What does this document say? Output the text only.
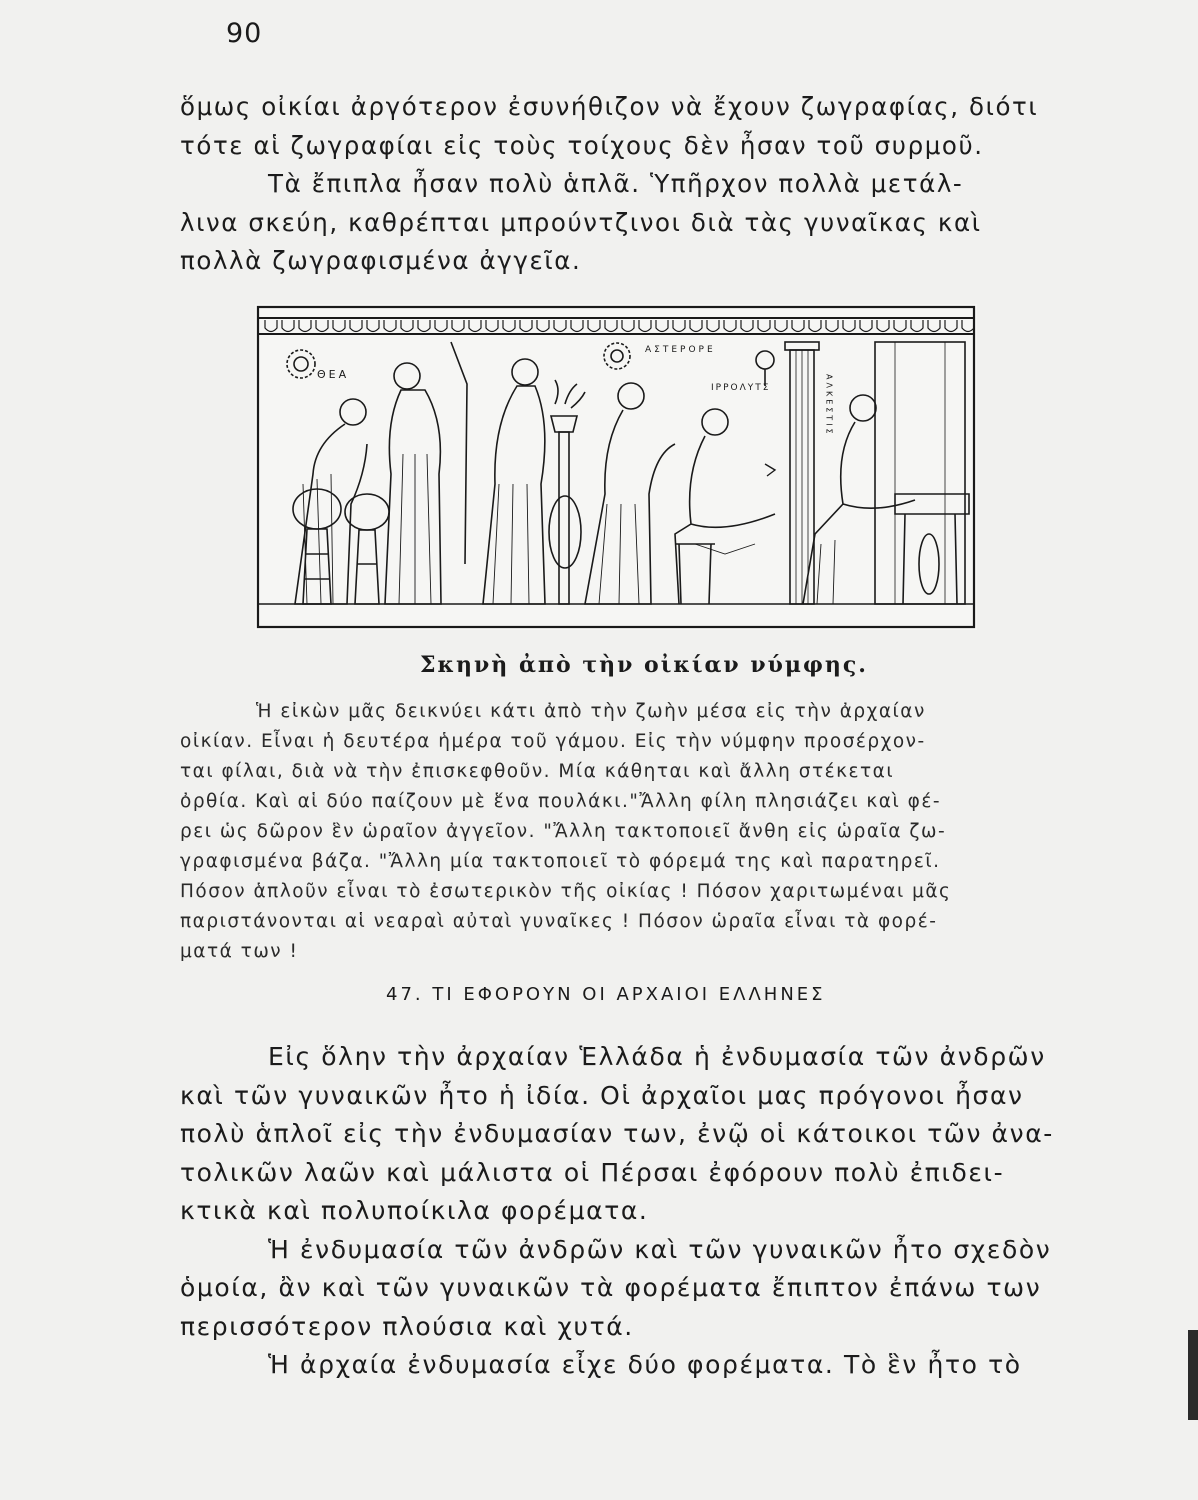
90
ὅμως οἰκίαι ἀργότερον ἐσυνήθιζον νὰ ἔχουν ζωγραφίας, διότι
τότε αἱ ζωγραφίαι εἰς τοὺς τοίχους δὲν ἦσαν τοῦ συρμοῦ.
Τὰ ἔπιπλα ἦσαν πολὺ ἁπλᾶ. Ὑπῆρχον πολλὰ μετάλ-
λινα σκεύη, καθρέπται μπρούντζινοι διὰ τὰς γυναῖκας καὶ
πολλὰ ζωγραφισμένα ἀγγεῖα.
ΘΕΑ
ΙΡΡΟΛΥΤΣ
ΑΣΤΕΡΟΡΕ
ΑΛΚΕΣΤΙΣ
Σκηνὴ ἀπὸ τὴν οἰκίαν νύμφης.
Ἡ εἰκὼν μᾶς δεικνύει κάτι ἀπὸ τὴν ζωὴν μέσα εἰς τὴν ἀρχαίαν
οἰκίαν. Εἶναι ἡ δευτέρα ἡμέρα τοῦ γάμου. Εἰς τὴν νύμφην προσέρχον-
ται φίλαι, διὰ νὰ τὴν ἐπισκεφθοῦν. Μία κάθηται καὶ ἄλλη στέκεται
ὀρθία. Καὶ αἱ δύο παίζουν μὲ ἕνα πουλάκι."Ἄλλη φίλη πλησιάζει καὶ φέ-
ρει ὡς δῶρον ἓν ὡραῖον ἀγγεῖον. "Ἄλλη τακτοποιεῖ ἄνθη εἰς ὡραῖα ζω-
γραφισμένα βάζα. "Ἄλλη μία τακτοποιεῖ τὸ φόρεμά της καὶ παρατηρεῖ.
Πόσον ἁπλοῦν εἶναι τὸ ἐσωτερικὸν τῆς οἰκίας ! Πόσον χαριτωμέναι μᾶς
παριστάνονται αἱ νεαραὶ αὐταὶ γυναῖκες ! Πόσον ὡραῖα εἶναι τὰ φορέ-
ματά των !
47. ΤΙ ΕΦΟΡΟΥΝ ΟΙ ΑΡΧΑΙΟΙ ΕΛΛΗΝΕΣ
Εἰς ὅλην τὴν ἀρχαίαν Ἑλλάδα ἡ ἐνδυμασία τῶν ἀνδρῶν
καὶ τῶν γυναικῶν ἦτο ἡ ἰδία. Οἱ ἀρχαῖοι μας πρόγονοι ἦσαν
πολὺ ἁπλοῖ εἰς τὴν ἐνδυμασίαν των, ἐνῷ οἱ κάτοικοι τῶν ἀνα-
τολικῶν λαῶν καὶ μάλιστα οἱ Πέρσαι ἐφόρουν πολὺ ἐπιδει-
κτικὰ καὶ πολυποίκιλα φορέματα.
Ἡ ἐνδυμασία τῶν ἀνδρῶν καὶ τῶν γυναικῶν ἦτο σχεδὸν
ὁμοία, ἂν καὶ τῶν γυναικῶν τὰ φορέματα ἔπιπτον ἐπάνω των
περισσότερον πλούσια καὶ χυτά.
Ἡ ἀρχαία ἐνδυμασία εἶχε δύο φορέματα. Τὸ ἓν ἦτο τὸ
